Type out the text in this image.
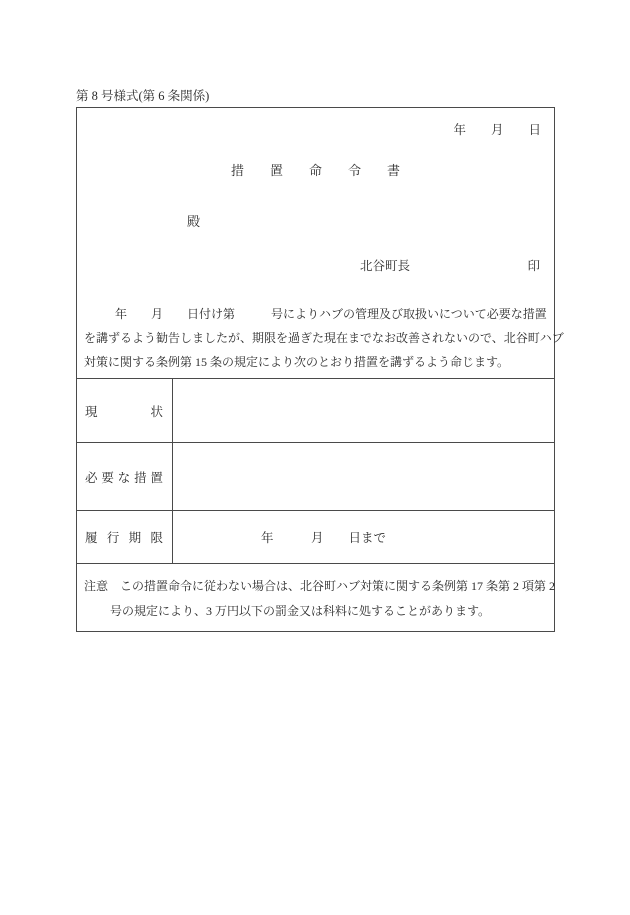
第 8 号様式(第 6 条関係)
年　　月　　日
措　　置　　命　　令　　書
殿
北谷町長	印
年　　月　　日付け第　　　号によりハブの管理及び取扱いについて必要な措置
を講ずるよう勧告しましたが、期限を過ぎた現在までなお改善されないので、北谷町ハブ
対策に関する条例第 15 条の規定により次のとおり措置を講ずるよう命じます。
現　　　　状
必 要 な 措 置
履 行 期 限	年　　　月　　日まで
注意　この措置命令に従わない場合は、北谷町ハブ対策に関する条例第 17 条第 2 項第 2
号の規定により、3 万円以下の罰金又は科料に処することがあります。
